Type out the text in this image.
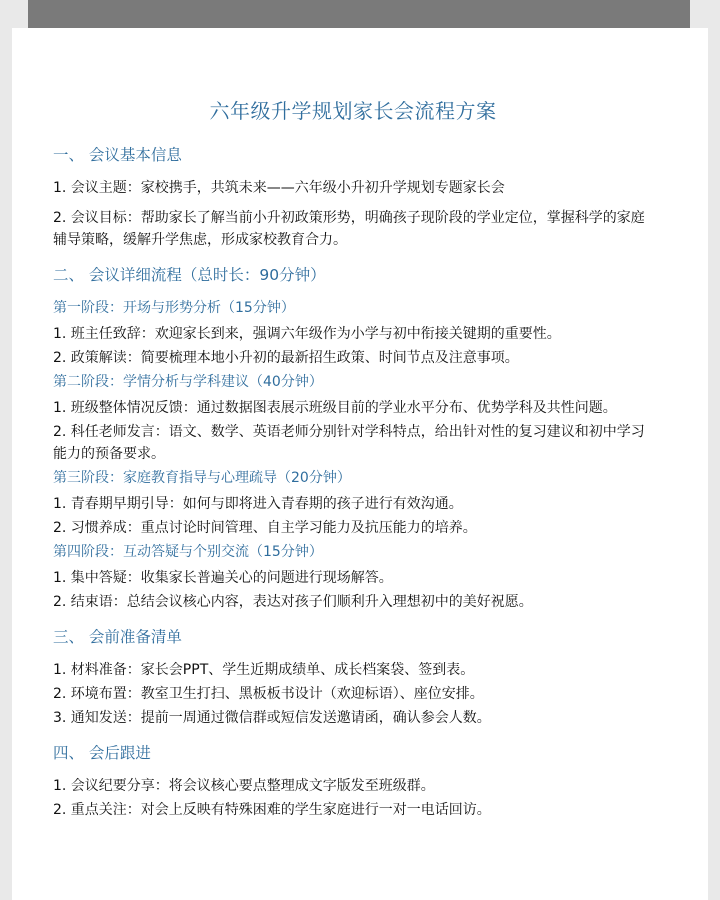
六年级升学规划家长会流程方案
一、 会议基本信息
1. 会议主题：家校携手，共筑未来——六年级小升初升学规划专题家长会
2. 会议目标：帮助家长了解当前小升初政策形势，明确孩子现阶段的学业定位，掌握科学的家庭辅导策略，缓解升学焦虑，形成家校教育合力。
二、 会议详细流程（总时长：90分钟）
第一阶段：开场与形势分析（15分钟）
1. 班主任致辞：欢迎家长到来，强调六年级作为小学与初中衔接关键期的重要性。
2. 政策解读：简要梳理本地小升初的最新招生政策、时间节点及注意事项。
第二阶段：学情分析与学科建议（40分钟）
1. 班级整体情况反馈：通过数据图表展示班级目前的学业水平分布、优势学科及共性问题。
2. 科任老师发言：语文、数学、英语老师分别针对学科特点，给出针对性的复习建议和初中学习能力的预备要求。
第三阶段：家庭教育指导与心理疏导（20分钟）
1. 青春期早期引导：如何与即将进入青春期的孩子进行有效沟通。
2. 习惯养成：重点讨论时间管理、自主学习能力及抗压能力的培养。
第四阶段：互动答疑与个别交流（15分钟）
1. 集中答疑：收集家长普遍关心的问题进行现场解答。
2. 结束语：总结会议核心内容，表达对孩子们顺利升入理想初中的美好祝愿。
三、 会前准备清单
1. 材料准备：家长会PPT、学生近期成绩单、成长档案袋、签到表。
2. 环境布置：教室卫生打扫、黑板板书设计（欢迎标语）、座位安排。
3. 通知发送：提前一周通过微信群或短信发送邀请函，确认参会人数。
四、 会后跟进
1. 会议纪要分享：将会议核心要点整理成文字版发至班级群。
2. 重点关注：对会上反映有特殊困难的学生家庭进行一对一电话回访。
